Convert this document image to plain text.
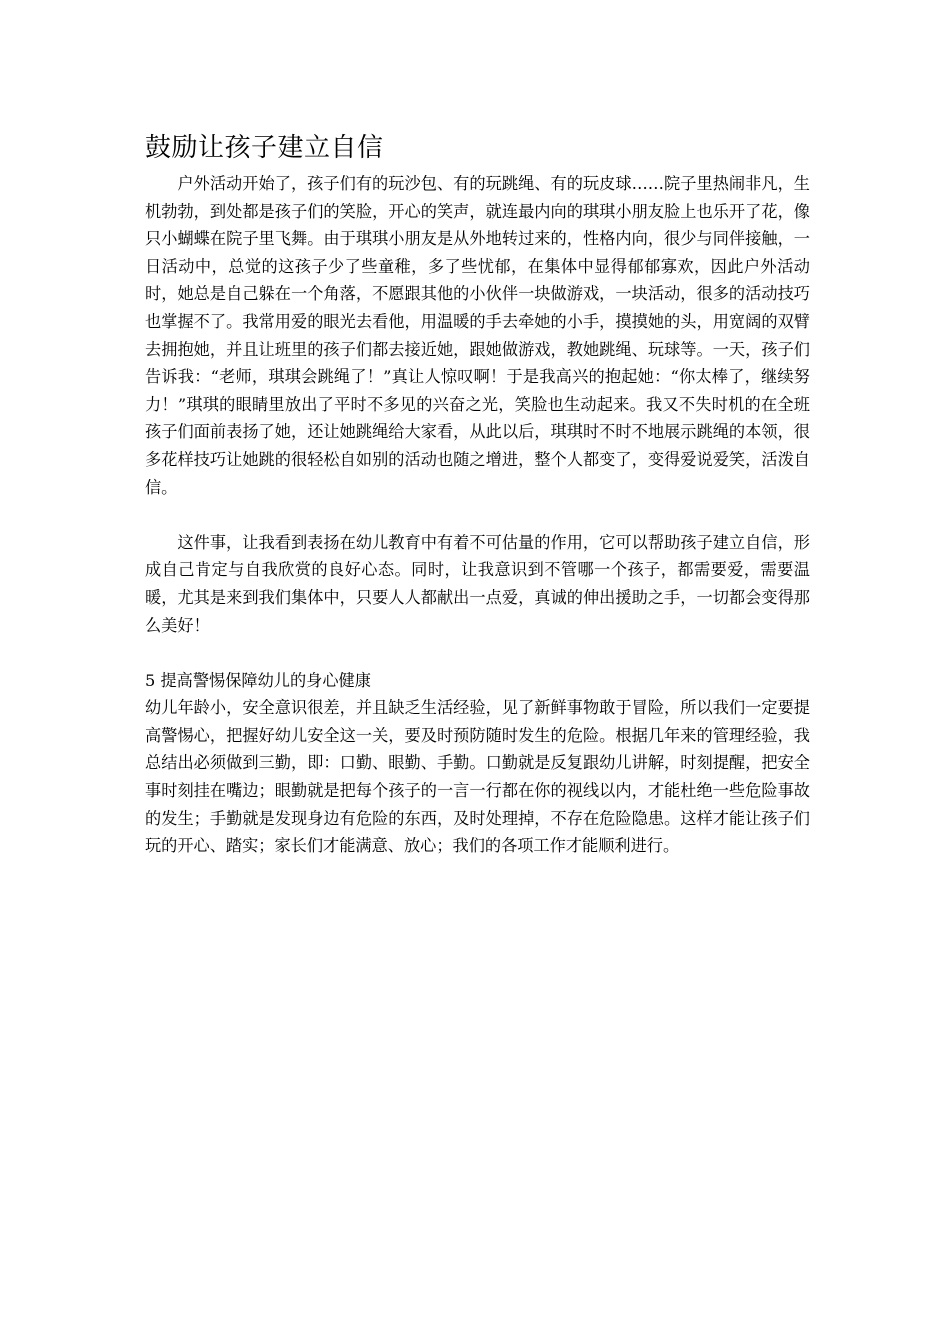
鼓励让孩子建立自信

户外活动开始了，孩子们有的玩沙包、有的玩跳绳、有的玩皮球……院子里热闹非凡，生机勃勃，到处都是孩子们的笑脸，开心的笑声，就连最内向的琪琪小朋友脸上也乐开了花，像只小蝴蝶在院子里飞舞。由于琪琪小朋友是从外地转过来的，性格内向，很少与同伴接触，一日活动中，总觉的这孩子少了些童稚，多了些忧郁，在集体中显得郁郁寡欢，因此户外活动时，她总是自己躲在一个角落，不愿跟其他的小伙伴一块做游戏，一块活动，很多的活动技巧也掌握不了。我常用爱的眼光去看他，用温暖的手去牵她的小手，摸摸她的头，用宽阔的双臂去拥抱她，并且让班里的孩子们都去接近她，跟她做游戏，教她跳绳、玩球等。一天，孩子们告诉我：“老师，琪琪会跳绳了！”真让人惊叹啊！于是我高兴的抱起她：“你太棒了，继续努力！”琪琪的眼睛里放出了平时不多见的兴奋之光，笑脸也生动起来。我又不失时机的在全班孩子们面前表扬了她，还让她跳绳给大家看，从此以后，琪琪时不时不地展示跳绳的本领，很多花样技巧让她跳的很轻松自如别的活动也随之增进，整个人都变了，变得爱说爱笑，活泼自信。

这件事，让我看到表扬在幼儿教育中有着不可估量的作用，它可以帮助孩子建立自信，形成自己肯定与自我欣赏的良好心态。同时，让我意识到不管哪一个孩子，都需要爱，需要温暖，尤其是来到我们集体中，只要人人都献出一点爱，真诚的伸出援助之手，一切都会变得那么美好！

5 提高警惕保障幼儿的身心健康

幼儿年龄小，安全意识很差，并且缺乏生活经验，见了新鲜事物敢于冒险，所以我们一定要提高警惕心，把握好幼儿安全这一关，要及时预防随时发生的危险。根据几年来的管理经验，我总结出必须做到三勤，即：口勤、眼勤、手勤。口勤就是反复跟幼儿讲解，时刻提醒，把安全事时刻挂在嘴边；眼勤就是把每个孩子的一言一行都在你的视线以内，才能杜绝一些危险事故的发生；手勤就是发现身边有危险的东西，及时处理掉，不存在危险隐患。这样才能让孩子们玩的开心、踏实；家长们才能满意、放心；我们的各项工作才能顺利进行。
